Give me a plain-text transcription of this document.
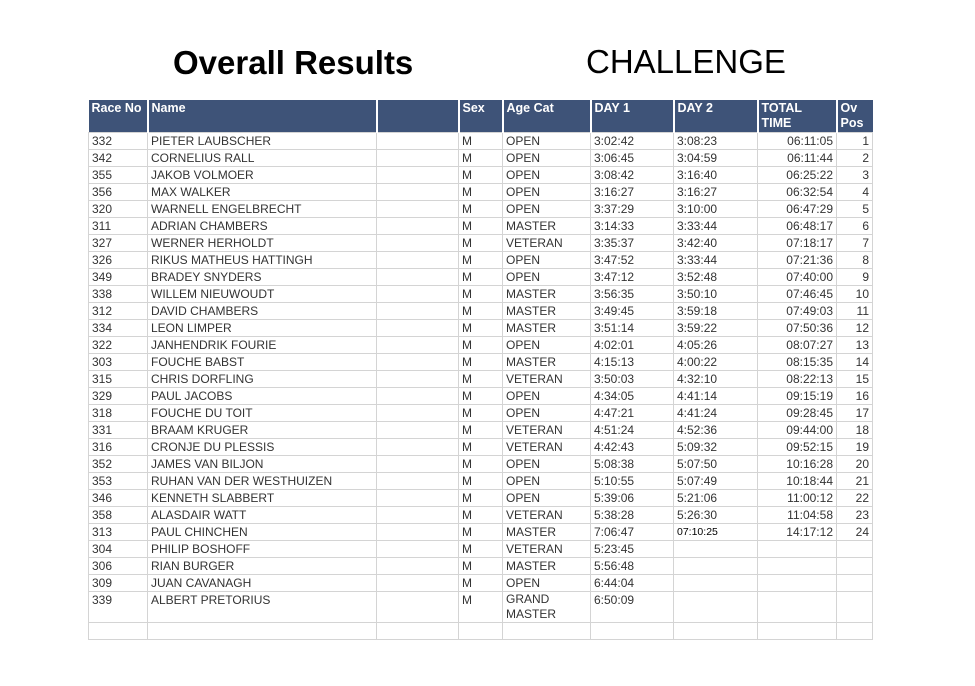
Overall Results	CHALLENGE
Race No	Name		Sex	Age Cat	DAY 1	DAY 2	TOTAL TIME	Ov Pos
332	PIETER LAUBSCHER		M	OPEN	3:02:42	3:08:23	06:11:05	1
342	CORNELIUS RALL		M	OPEN	3:06:45	3:04:59	06:11:44	2
355	JAKOB VOLMOER		M	OPEN	3:08:42	3:16:40	06:25:22	3
356	MAX WALKER		M	OPEN	3:16:27	3:16:27	06:32:54	4
320	WARNELL ENGELBRECHT		M	OPEN	3:37:29	3:10:00	06:47:29	5
311	ADRIAN CHAMBERS		M	MASTER	3:14:33	3:33:44	06:48:17	6
327	WERNER HERHOLDT		M	VETERAN	3:35:37	3:42:40	07:18:17	7
326	RIKUS MATHEUS HATTINGH		M	OPEN	3:47:52	3:33:44	07:21:36	8
349	BRADEY SNYDERS		M	OPEN	3:47:12	3:52:48	07:40:00	9
338	WILLEM NIEUWOUDT		M	MASTER	3:56:35	3:50:10	07:46:45	10
312	DAVID CHAMBERS		M	MASTER	3:49:45	3:59:18	07:49:03	11
334	LEON LIMPER		M	MASTER	3:51:14	3:59:22	07:50:36	12
322	JANHENDRIK FOURIE		M	OPEN	4:02:01	4:05:26	08:07:27	13
303	FOUCHE BABST		M	MASTER	4:15:13	4:00:22	08:15:35	14
315	CHRIS DORFLING		M	VETERAN	3:50:03	4:32:10	08:22:13	15
329	PAUL JACOBS		M	OPEN	4:34:05	4:41:14	09:15:19	16
318	FOUCHE DU TOIT		M	OPEN	4:47:21	4:41:24	09:28:45	17
331	BRAAM KRUGER		M	VETERAN	4:51:24	4:52:36	09:44:00	18
316	CRONJE DU PLESSIS		M	VETERAN	4:42:43	5:09:32	09:52:15	19
352	JAMES VAN BILJON		M	OPEN	5:08:38	5:07:50	10:16:28	20
353	RUHAN VAN DER WESTHUIZEN		M	OPEN	5:10:55	5:07:49	10:18:44	21
346	KENNETH SLABBERT		M	OPEN	5:39:06	5:21:06	11:00:12	22
358	ALASDAIR WATT		M	VETERAN	5:38:28	5:26:30	11:04:58	23
313	PAUL CHINCHEN		M	MASTER	7:06:47	07:10:25	14:17:12	24
304	PHILIP BOSHOFF		M	VETERAN	5:23:45			
306	RIAN BURGER		M	MASTER	5:56:48			
309	JUAN CAVANAGH		M	OPEN	6:44:04			
339	ALBERT PRETORIUS		M	GRAND MASTER	6:50:09			
